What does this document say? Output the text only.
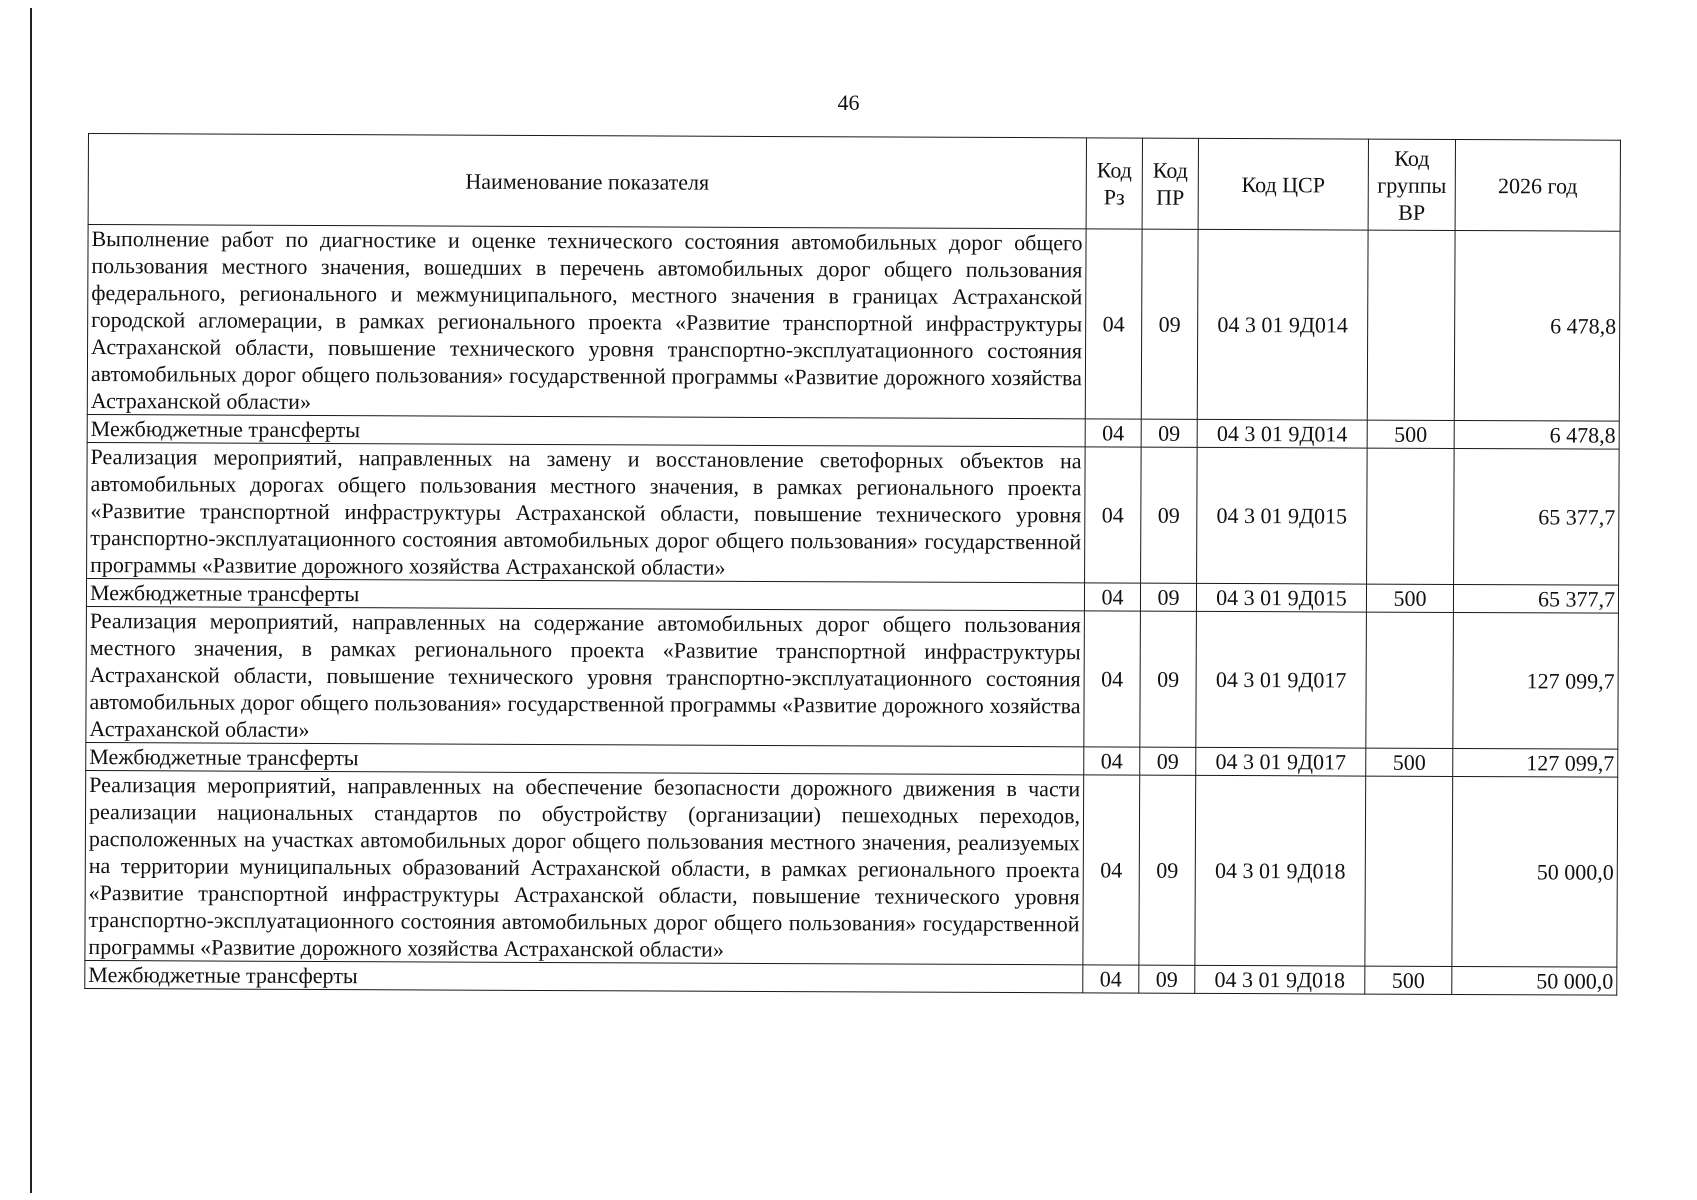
46
Наименование показателя	Код Рз	Код ПР	Код ЦСР	Код группы ВР	2026 год
Выполнение работ по диагностике и оценке технического состояния автомобильных дорог общего пользования местного значения, вошедших в перечень автомобильных дорог общего пользования федерального, регионального и межмуниципального, местного значения в границах Астраханской городской агломерации, в рамках регионального проекта «Развитие транспортной инфраструктуры Астраханской области, повышение технического уровня транспортно-эксплуатационного состояния автомобильных дорог общего пользования» государственной программы «Развитие дорожного хозяйства Астраханской области»	04	09	04 3 01 9Д014		6 478,8
Межбюджетные трансферты	04	09	04 3 01 9Д014	500	6 478,8
Реализация мероприятий, направленных на замену и восстановление светофорных объектов на автомобильных дорогах общего пользования местного значения, в рамках регионального проекта «Развитие транспортной инфраструктуры Астраханской области, повышение технического уровня транспортно-эксплуатационного состояния автомобильных дорог общего пользования» государственной программы «Развитие дорожного хозяйства Астраханской области»	04	09	04 3 01 9Д015		65 377,7
Межбюджетные трансферты	04	09	04 3 01 9Д015	500	65 377,7
Реализация мероприятий, направленных на содержание автомобильных дорог общего пользования местного значения, в рамках регионального проекта «Развитие транспортной инфраструктуры Астраханской области, повышение технического уровня транспортно-эксплуатационного состояния автомобильных дорог общего пользования» государственной программы «Развитие дорожного хозяйства Астраханской области»	04	09	04 3 01 9Д017		127 099,7
Межбюджетные трансферты	04	09	04 3 01 9Д017	500	127 099,7
Реализация мероприятий, направленных на обеспечение безопасности дорожного движения в части реализации национальных стандартов по обустройству (организации) пешеходных переходов, расположенных на участках автомобильных дорог общего пользования местного значения, реализуемых на территории муниципальных образований Астраханской области, в рамках регионального проекта «Развитие транспортной инфраструктуры Астраханской области, повышение технического уровня транспортно-эксплуатационного состояния автомобильных дорог общего пользования» государственной программы «Развитие дорожного хозяйства Астраханской области»	04	09	04 3 01 9Д018		50 000,0
Межбюджетные трансферты	04	09	04 3 01 9Д018	500	50 000,0
